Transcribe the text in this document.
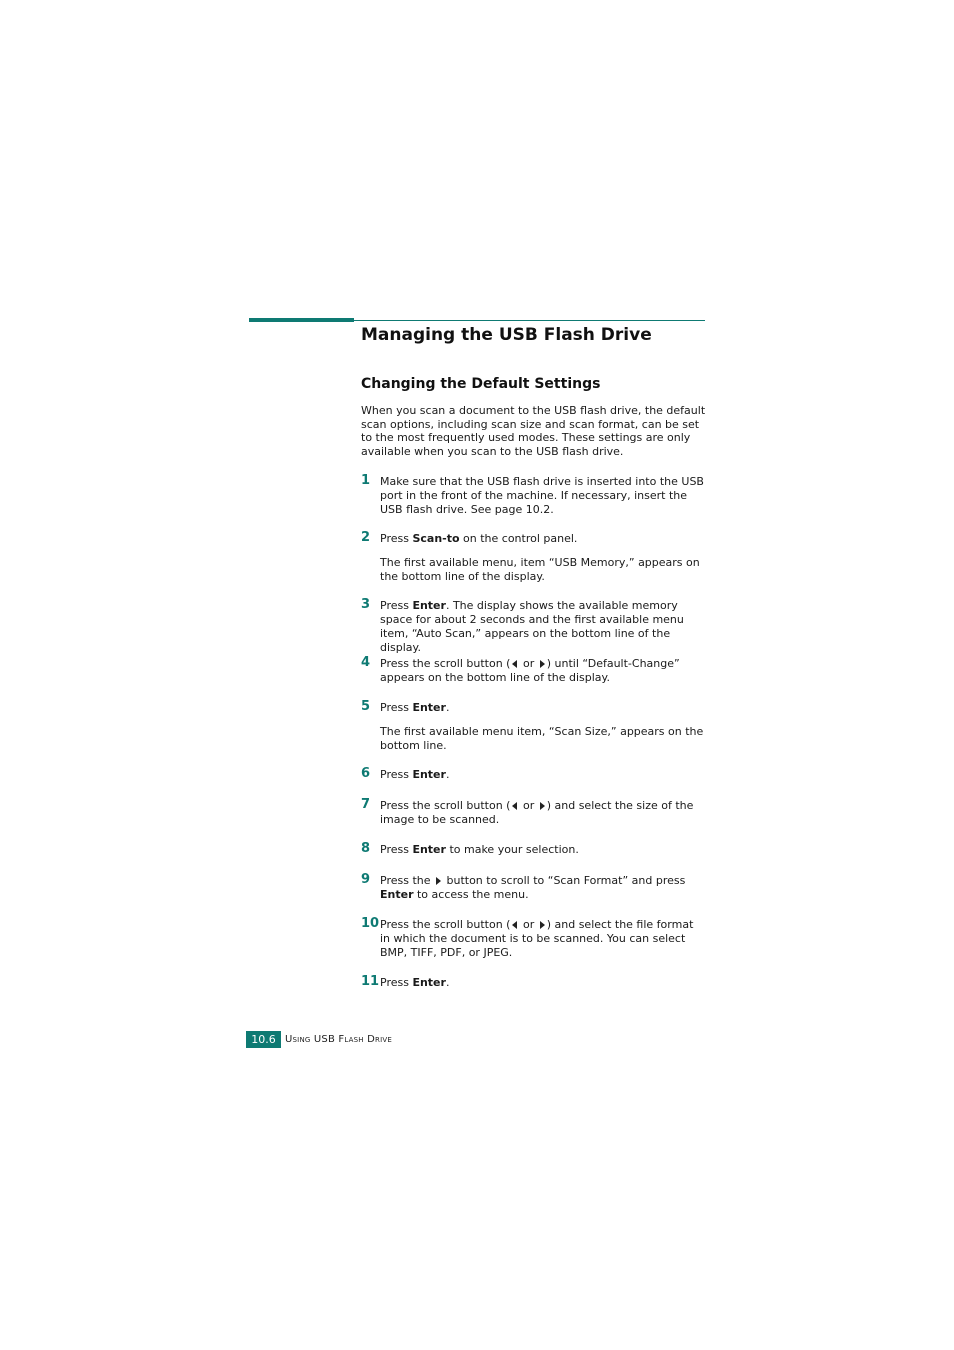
Managing the USB Flash Drive
Changing the Default Settings

When you scan a document to the USB flash drive, the default scan options, including scan size and scan format, can be set to the most frequently used modes. These settings are only available when you scan to the USB flash drive.

1 Make sure that the USB flash drive is inserted into the USB port in the front of the machine. If necessary, insert the USB flash drive. See page 10.2.

2 Press Scan-to on the control panel.

The first available menu, item “USB Memory,” appears on the bottom line of the display.

3 Press Enter. The display shows the available memory space for about 2 seconds and the first available menu item, “Auto Scan,” appears on the bottom line of the display.

4 Press the scroll button ( or ) until “Default-Change” appears on the bottom line of the display.

5 Press Enter.

The first available menu item, “Scan Size,” appears on the bottom line.

6 Press Enter.

7 Press the scroll button ( or ) and select the size of the image to be scanned.

8 Press Enter to make your selection.

9 Press the  button to scroll to “Scan Format” and press Enter to access the menu.

10 Press the scroll button ( or ) and select the file format in which the document is to be scanned. You can select BMP, TIFF, PDF, or JPEG.

11 Press Enter.

10.6 Using USB Flash Drive
